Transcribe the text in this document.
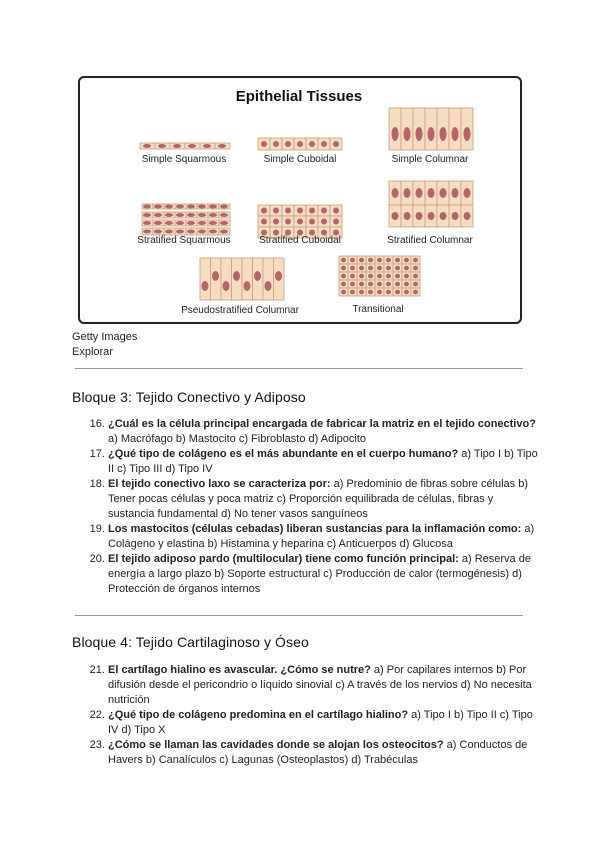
Epithelial Tissues
Simple Squarmous	Simple Cuboidal	Simple Columnar
Stratified Squarmous	Stratified Cuboidal	Stratified Columnar
Pseudostratified Columnar	Transitional
Getty Images
Explorar
Bloque 3: Tejido Conectivo y Adiposo
16. ¿Cuál es la célula principal encargada de fabricar la matriz en el tejido conectivo? a) Macrófago b) Mastocito c) Fibroblasto d) Adipocito
17. ¿Qué tipo de colágeno es el más abundante en el cuerpo humano? a) Tipo I b) Tipo II c) Tipo III d) Tipo IV
18. El tejido conectivo laxo se caracteriza por: a) Predominio de fibras sobre células b) Tener pocas células y poca matriz c) Proporción equilibrada de células, fibras y sustancia fundamental d) No tener vasos sanguíneos
19. Los mastocitos (células cebadas) liberan sustancias para la inflamación como: a) Colágeno y elastina b) Histamina y heparina c) Anticuerpos d) Glucosa
20. El tejido adiposo pardo (multilocular) tiene como función principal: a) Reserva de energía a largo plazo b) Soporte estructural c) Producción de calor (termogénesis) d) Protección de órganos internos
Bloque 4: Tejido Cartilaginoso y Óseo
21. El cartílago hialino es avascular. ¿Cómo se nutre? a) Por capilares internos b) Por difusión desde el pericondrio o líquido sinovial c) A través de los nervios d) No necesita nutrición
22. ¿Qué tipo de colágeno predomina en el cartílago hialino? a) Tipo I b) Tipo II c) Tipo IV d) Tipo X
23. ¿Cómo se llaman las cavidades donde se alojan los osteocitos? a) Conductos de Havers b) Canalículos c) Lagunas (Osteoplastos) d) Trabéculas
